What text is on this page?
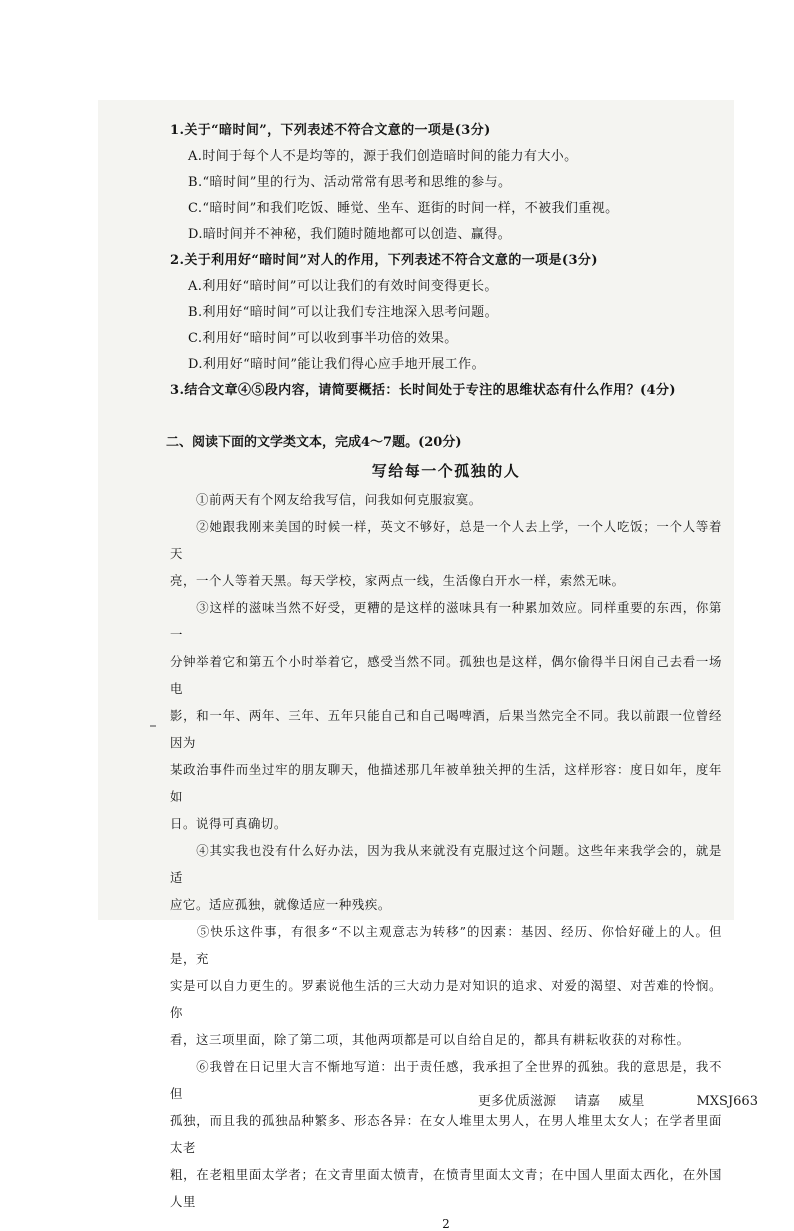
1.关于“暗时间”，下列表述不符合文意的一项是(3分)
A.时间于每个人不是均等的，源于我们创造暗时间的能力有大小。
B.“暗时间”里的行为、活动常常有思考和思维的参与。
C.“暗时间”和我们吃饭、睡觉、坐车、逛街的时间一样，不被我们重视。
D.暗时间并不神秘，我们随时随地都可以创造、赢得。
2.关于利用好“暗时间”对人的作用，下列表述不符合文意的一项是(3分)
A.利用好“暗时间”可以让我们的有效时间变得更长。
B.利用好“暗时间”可以让我们专注地深入思考问题。
C.利用好“暗时间”可以收到事半功倍的效果。
D.利用好“暗时间”能让我们得心应手地开展工作。
3.结合文章④⑤段内容，请简要概括：长时间处于专注的思维状态有什么作用？(4分)
二、阅读下面的文学类文本，完成4～7题。(20分)
写给每一个孤独的人

　　①前两天有个网友给我写信，问我如何克服寂寞。

　　②她跟我刚来美国的时候一样，英文不够好，总是一个人去上学，一个人吃饭；一个人等着天

亮，一个人等着天黑。每天学校，家两点一线，生活像白开水一样，索然无味。

　　③这样的滋味当然不好受，更糟的是这样的滋味具有一种累加效应。同样重要的东西，你第一

分钟举着它和第五个小时举着它，感受当然不同。孤独也是这样，偶尔偷得半日闲自己去看一场电

影，和一年、两年、三年、五年只能自己和自己喝啤酒，后果当然完全不同。我以前跟一位曾经因为

某政治事件而坐过牢的朋友聊天，他描述那几年被单独关押的生活，这样形容：度日如年，度年如

日。说得可真确切。

　　④其实我也没有什么好办法，因为我从来就没有克服过这个问题。这些年来我学会的，就是适

应它。适应孤独，就像适应一种残疾。

　　⑤快乐这件事，有很多“不以主观意志为转移”的因素：基因、经历、你恰好碰上的人。但是，充

实是可以自力更生的。罗素说他生活的三大动力是对知识的追求、对爱的渴望、对苦难的怜悯。你

看，这三项里面，除了第二项，其他两项都是可以自给自足的，都具有耕耘收获的对称性。

　　⑥我曾在日记里大言不惭地写道：出于责任感，我承担了全世界的孤独。我的意思是，我不但

孤独，而且我的孤独品种繁多、形态各异：在女人堆里太男人，在男人堆里太女人；在学者里面太老

粗，在老粗里面太学者；在文青里面太愤青，在愤青里面太文青；在中国人里面太西化，在外国人里

2
更多优质滋源 请嘉 威星	MXSJ663
